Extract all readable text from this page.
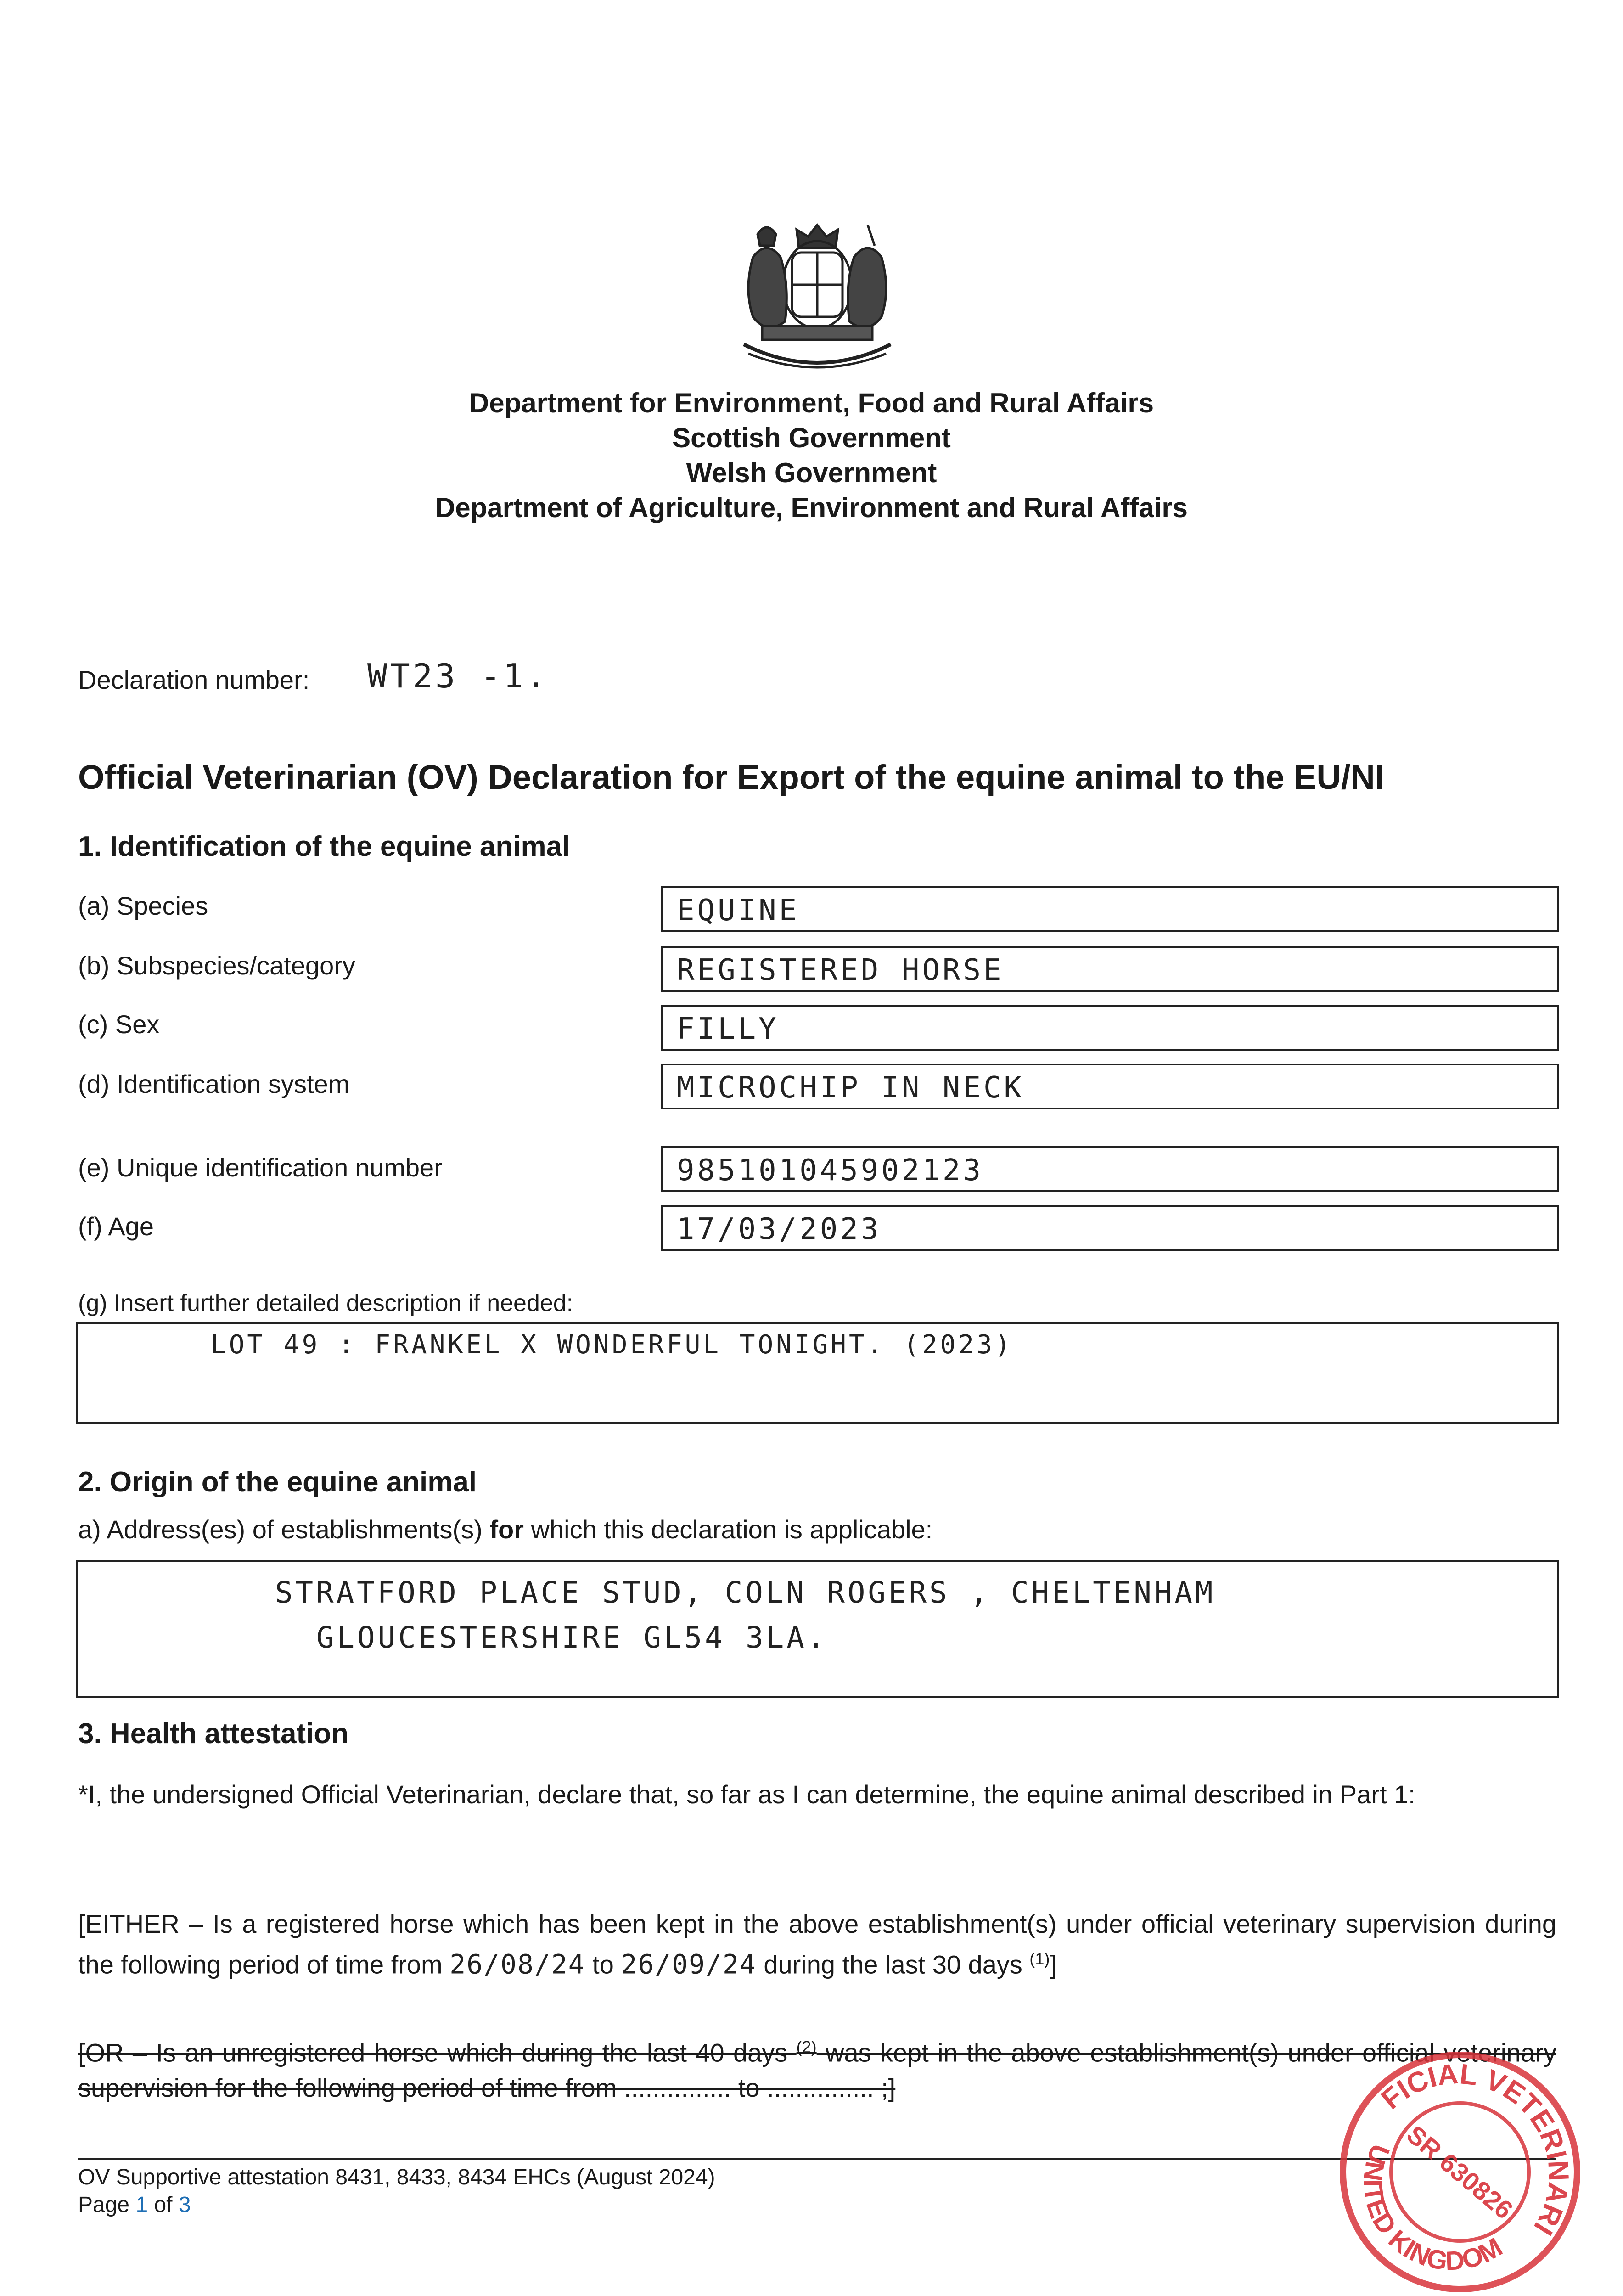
Department for Environment, Food and Rural Affairs
Scottish Government
Welsh Government
Department of Agriculture, Environment and Rural Affairs
Declaration number: WT23 -1.
Official Veterinarian (OV) Declaration for Export of the equine animal to the EU/NI
1. Identification of the equine animal
(a) Species	EQUINE
(b) Subspecies/category	REGISTERED HORSE
(c) Sex	FILLY
(d) Identification system	MICROCHIP IN NECK
(e) Unique identification number	985101045902123
(f) Age	17/03/2023
(g) Insert further detailed description if needed:
LOT 49 : FRANKEL X WONDERFUL TONIGHT. (2023)
2. Origin of the equine animal
a) Address(es) of establishments(s) for which this declaration is applicable:
STRATFORD PLACE STUD, COLN ROGERS , CHELTENHAM
GLOUCESTERSHIRE GL54 3LA.
3. Health attestation
*I, the undersigned Official Veterinarian, declare that, so far as I can determine, the equine animal described in Part 1:
[EITHER – Is a registered horse which has been kept in the above establishment(s) under official veterinary supervision during the following period of time from 26/08/24 to 26/09/24 during the last 30 days $^{(1)}$]
[OR – Is an unregistered horse which during the last 40 days $^{(2)}$ was kept in the above establishment(s) under official veterinary supervision for the following period of time from ............... to ............... ;]
OV Supportive attestation 8431, 8433, 8434 EHCs (August 2024)
Page 1 of 3
OFFICIAL VETERINARIAN
UNITED KINGDOM
SR 630826
